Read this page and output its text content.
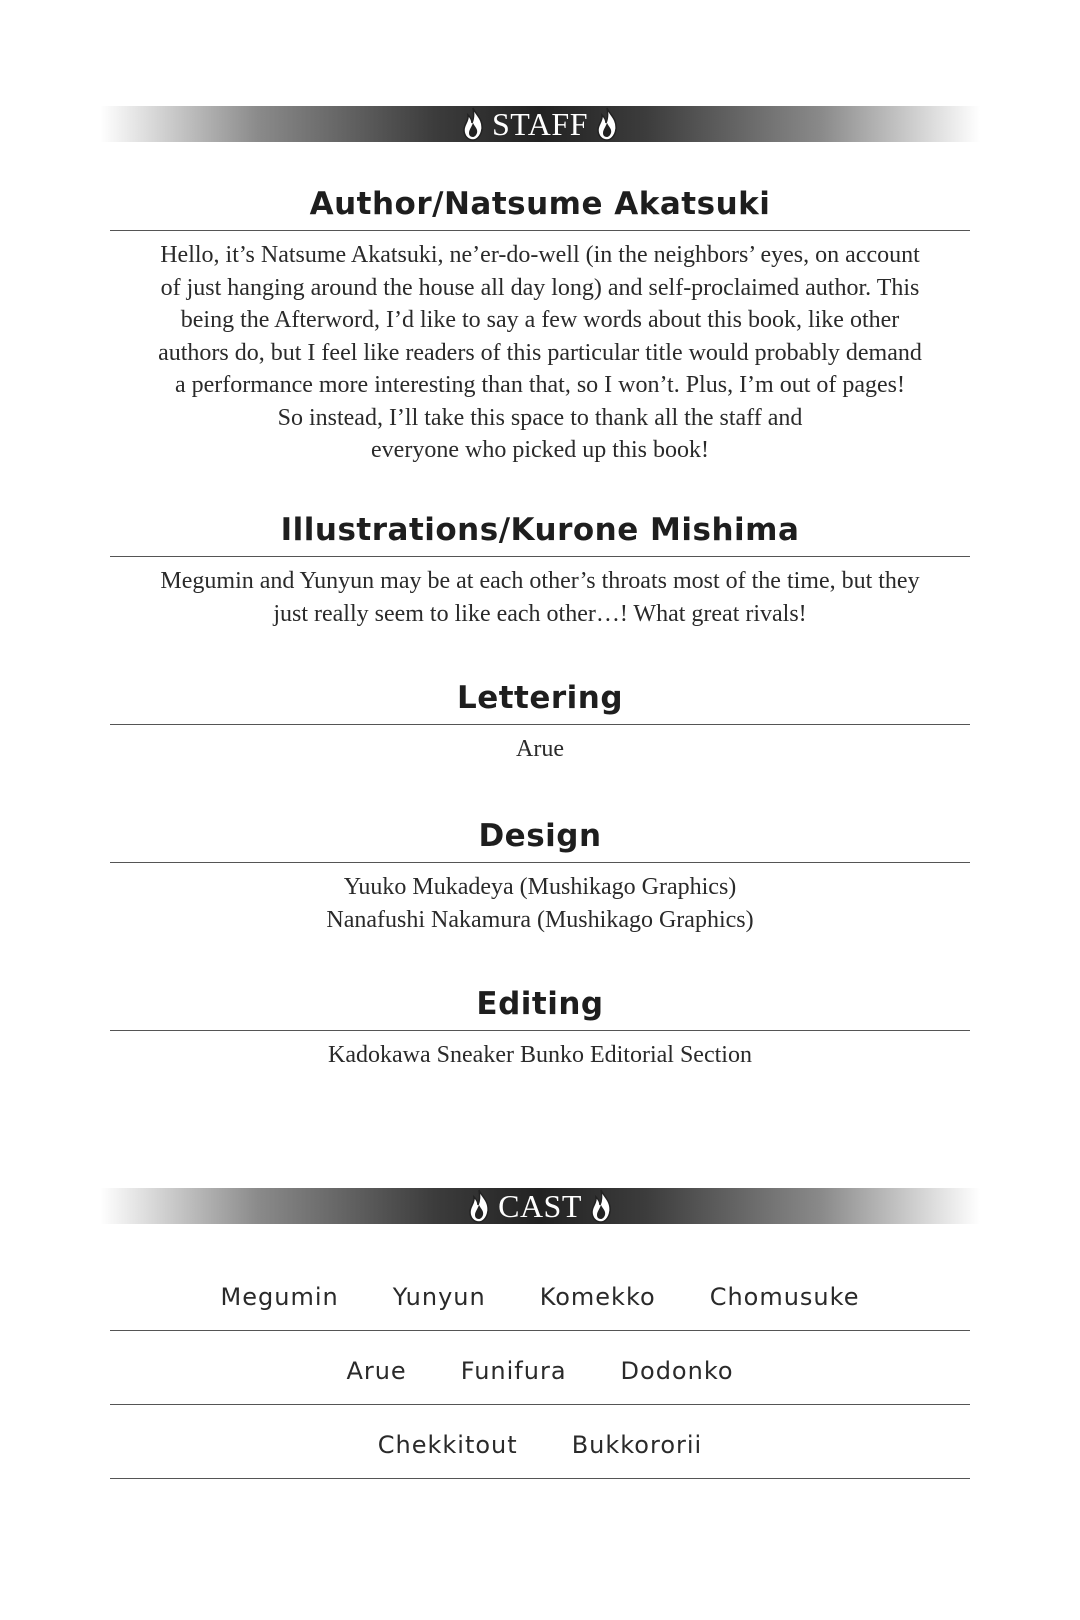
STAFF
Author/Natsume Akatsuki

Hello, it’s Natsume Akatsuki, ne’er-do-well (in the neighbors’ eyes, on account

of just hanging around the house all day long) and self-proclaimed author. This

being the Afterword, I’d like to say a few words about this book, like other

authors do, but I feel like readers of this particular title would probably demand

a performance more interesting than that, so I won’t. Plus, I’m out of pages!

So instead, I’ll take this space to thank all the staff and

everyone who picked up this book!

Illustrations/Kurone Mishima

Megumin and Yunyun may be at each other’s throats most of the time, but they

just really seem to like each other…! What great rivals!

Lettering

Arue

Design

Yuuko Mukadeya (Mushikago Graphics)

Nanafushi Nakamura (Mushikago Graphics)

Editing

Kadokawa Sneaker Bunko Editorial Section

CAST
Megumin Yunyun Komekko Chomusuke
Arue Funifura Dodonko
Chekkitout Bukkororii
